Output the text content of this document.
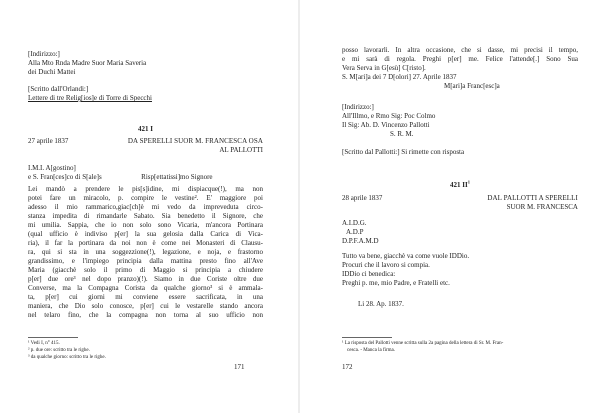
[Indirizzo:]
Alla Mto Rnda Madre Suor Maria Saveria
dei Duchi Mattei
[Scritto dall'Orlandi:]
Lettere di tre Relig[ios]e di Torre di Specchi
421 I
27 aprile 1837	DA SPERELLI SUOR M. FRANCESCA OSA
AL PALLOTTI
I.M.I. A[gostino]
e S. Fran[ces]co di S[ale]s	Risp[ettatissi]mo Signore
Lei mandò a prendere le pis[s]idine, mi dispiacque(!), ma non
potei fare un miracolo, p. compire le vestine². E' maggiore poi
adesso il mio rammarico,giac[ch]è mi vedo da impreveduta circo-
stanza impedita di rimandarle Sabato. Sia benedetto il Signore, che
mi umilia. Sappia, che io non solo sono Vicaria, m'ancora Portinara
(qual ufficio è indiviso p[er] la sua gelosia dalla Carica di Vica-
ria), il far la portinara da noi non è come nei Monasteri di Clausu-
ra, qui si sta in una soggezzione(!), legazione, e noja, e frastorno
grandissimo, e l'impiego principia dalla mattina presto fino all'Ave
Maria (giacchè solo il primo di Maggio si principia a chiudere
p[er] due ore³ nel dopo pranzo)(!). Siamo in due Coriste oltre due
Converse, ma la Compagna Corista da qualche giorno³ si è ammala-
ta, p[er] cui giorni mi conviene essere sacrificata, in una
maniera, che Dio solo conosce, p[er] cui le vestarelle stando ancora
nel telaro fino, che la compagna non torna al suo ufficio non
¹ Vedi I, n° 415.
² p. due ore: scritto tra le righe.
³ da qualche giorno: scritto tra le righe.
171
posso lavorarli. In altra occasione, che si dasse, mi precisi il tempo,
e mi sarà di regola. Preghi p[er] me. Felice l'attende[.] Sono Sua
Vera Serva in G[esù] C[risto].
S. M[ari]a dei 7 D[olori] 27. Aprile 1837
M[ari]a Franc[esc]a
[Indirizzo:]
All'Illmo, e Rmo Sig: Poc Colmo
Il Sig: Ab. D. Vincenzo Pallotti
S. R. M.
[Scritto dal Pallotti:] Si rimette con risposta
421 $II^1$
28 aprile 1837	DAL PALLOTTI A SPERELLI
SUOR M. FRANCESCA
A.I.D.G.
A.D.P
D.P.F.A.M.D
Tutto va bene, giacchè va come vuole IDDio.
Procuri che il lavoro si compia.
IDDio ci benedica:
Preghi p. me, mio Padre, e Fratelli etc.
Li 28. Ap. 1837.
¹ La risposta del Pallotti venne scritta sulla 2a pagina della lettera di Sr. M. Fran-
cesca. - Manca la firma.
172
